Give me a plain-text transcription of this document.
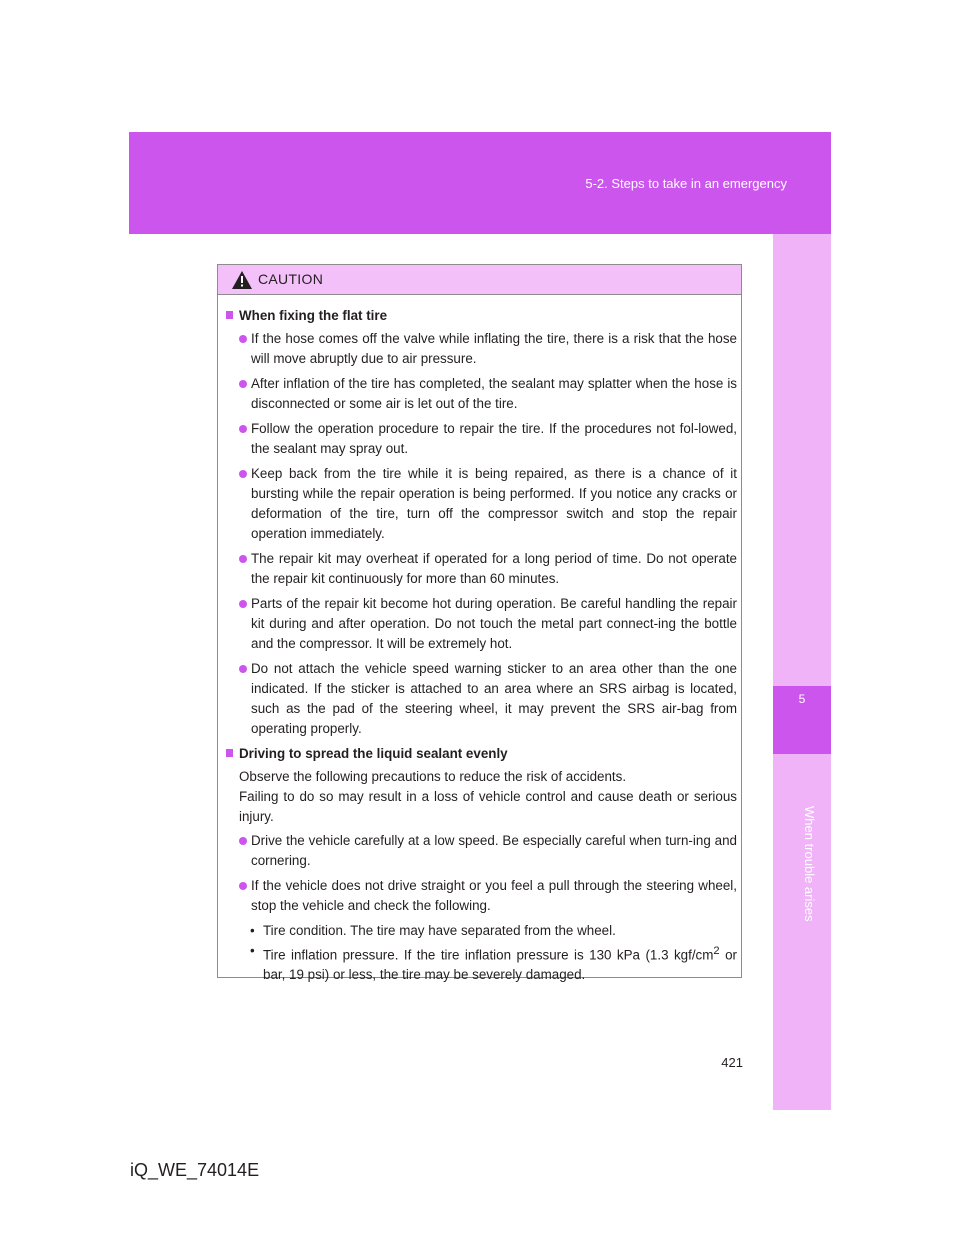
5-2. Steps to take in an emergency
5
When trouble arises
CAUTION
When fixing the flat tire
If the hose comes off the valve while inflating the tire, there is a risk that the hose will move abruptly due to air pressure.
After inflation of the tire has completed, the sealant may splatter when the hose is disconnected or some air is let out of the tire.
Follow the operation procedure to repair the tire. If the procedures not fol-lowed, the sealant may spray out.
Keep back from the tire while it is being repaired, as there is a chance of it bursting while the repair operation is being performed. If you notice any cracks or deformation of the tire, turn off the compressor switch and stop the repair operation immediately.
The repair kit may overheat if operated for a long period of time. Do not operate the repair kit continuously for more than 60 minutes.
Parts of the repair kit become hot during operation. Be careful handling the repair kit during and after operation. Do not touch the metal part connect-ing the bottle and the compressor. It will be extremely hot.
Do not attach the vehicle speed warning sticker to an area other than the one indicated. If the sticker is attached to an area where an SRS airbag is located, such as the pad of the steering wheel, it may prevent the SRS air-bag from operating properly.
Driving to spread the liquid sealant evenly
Observe the following precautions to reduce the risk of accidents.
Failing to do so may result in a loss of vehicle control and cause death or serious injury.
Drive the vehicle carefully at a low speed. Be especially careful when turn-ing and cornering.
If the vehicle does not drive straight or you feel a pull through the steering wheel, stop the vehicle and check the following.
• Tire condition. The tire may have separated from the wheel.
• Tire inflation pressure. If the tire inflation pressure is 130 kPa (1.3 kgf/$cm^2$ or bar, 19 psi) or less, the tire may be severely damaged.
421
iQ_WE_74014E
